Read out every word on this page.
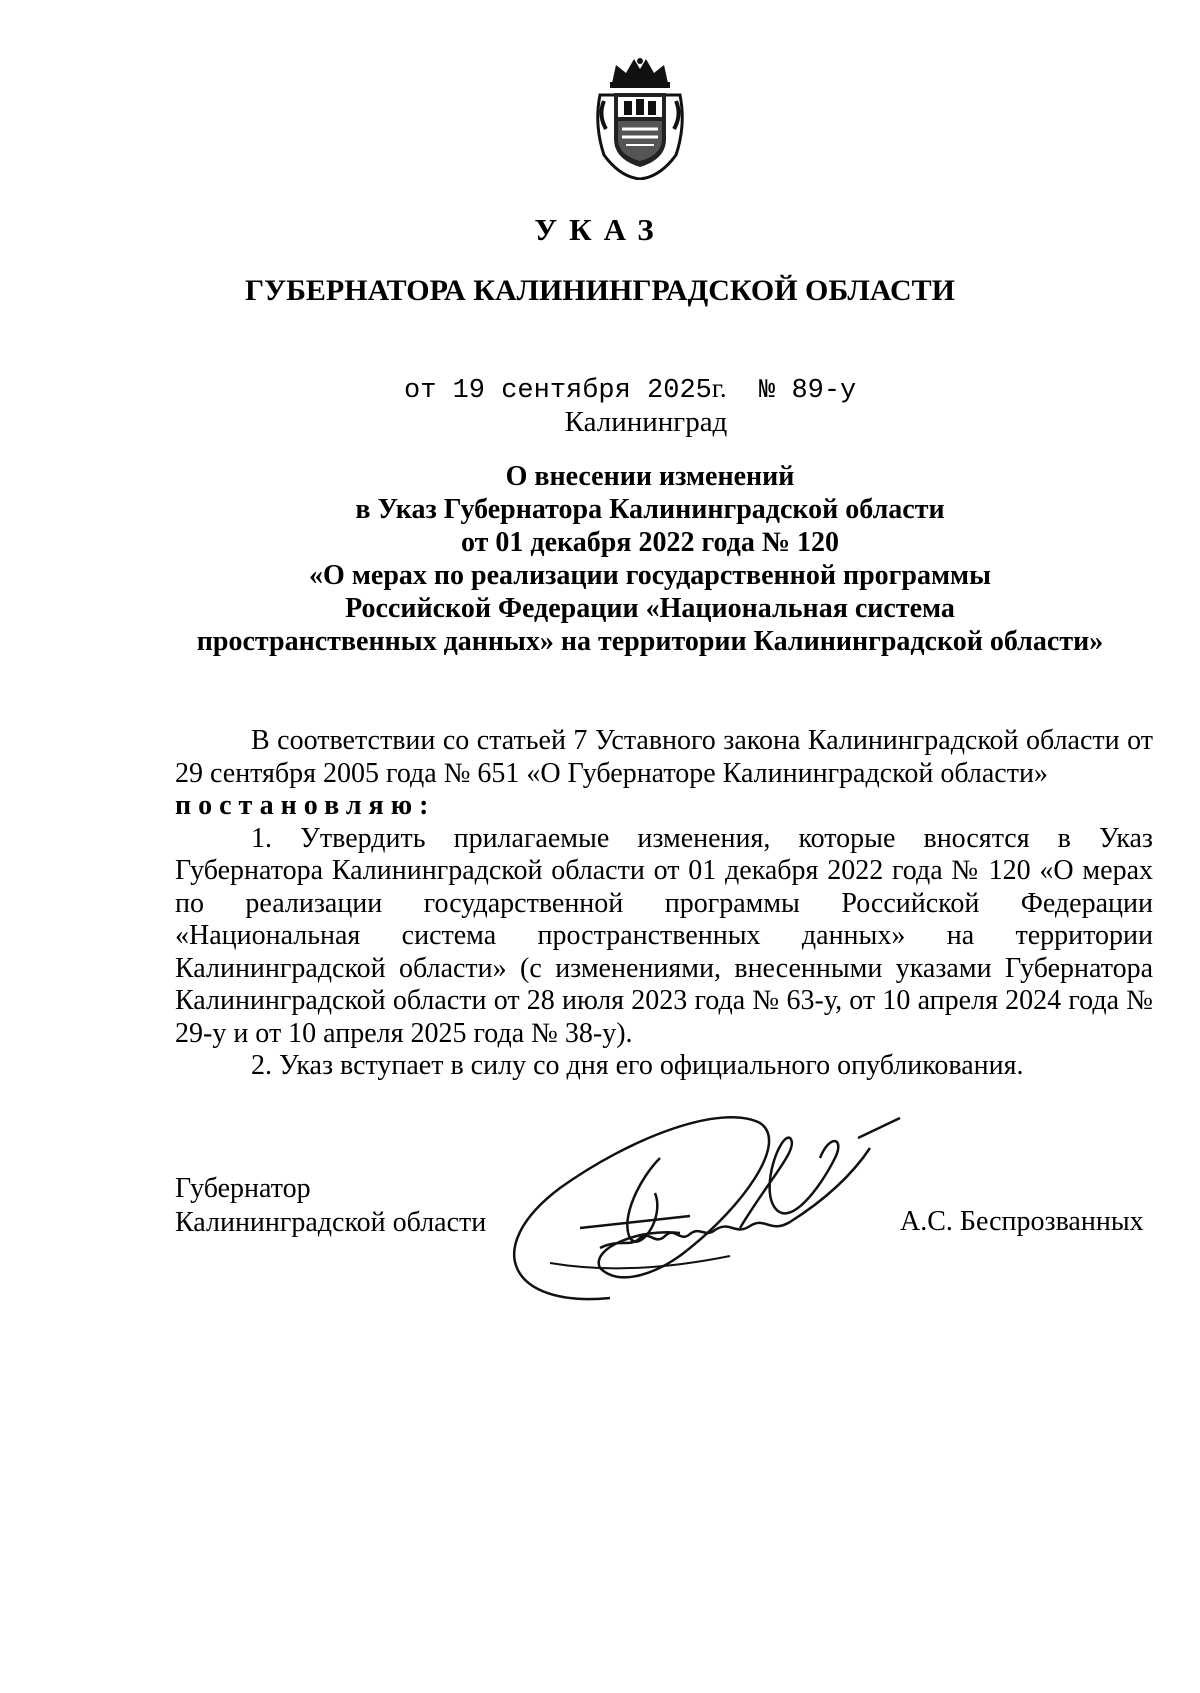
УКАЗ
ГУБЕРНАТОРА КАЛИНИНГРАДСКОЙ ОБЛАСТИ
от 19 сентября 2025г. № 89-у
Калининград
О внесении изменений
в Указ Губернатора Калининградской области
от 01 декабря 2022 года № 120
«О мерах по реализации государственной программы
Российской Федерации «Национальная система
пространственных данных» на территории Калининградской области»

В соответствии со статьей 7 Уставного закона Калининградской области от 29 сентября 2005 года № 651 «О Губернаторе Калининградской области»

постановляю:

1. Утвердить прилагаемые изменения, которые вносятся в Указ Губернатора Калининградской области от 01 декабря 2022 года № 120 «О мерах по реализации государственной программы Российской Федерации «Национальная система пространственных данных» на территории Калининградской области» (с изменениями, внесенными указами Губернатора Калининградской области от 28 июля 2023 года № 63-у, от 10 апреля 2024 года № 29-у и от 10 апреля 2025 года № 38-у).

2. Указ вступает в силу со дня его официального опубликования.

Губернатор
Калининградской области	А.С. Беспрозванных
